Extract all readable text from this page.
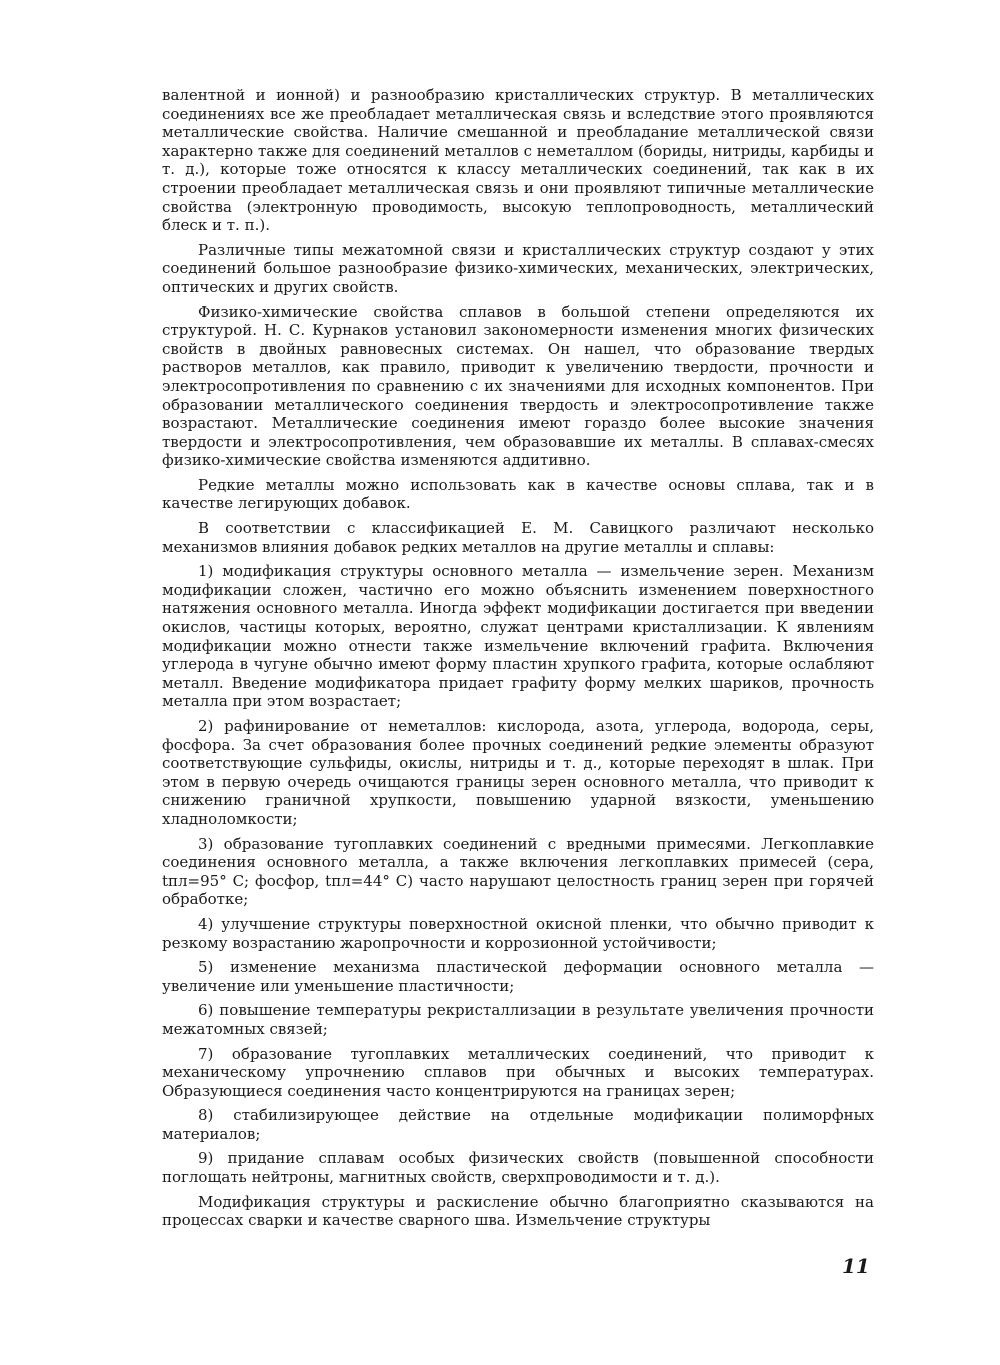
валентной и ионной) и разнообразию кристаллических структур. В металлических соединениях все же преобладает металлическая связь и вследствие этого проявляются металлические свойства. Наличие смешанной и преобладание металлической связи характерно также для соединений металлов с неметаллом (бориды, нитриды, карбиды и т. д.), которые тоже относятся к классу металлических соединений, так как в их строении преобладает металлическая связь и они проявляют типичные металлические свойства (электронную проводимость, высокую теплопроводность, металлический блеск и т. п.).

Различные типы межатомной связи и кристаллических структур создают у этих соединений большое разнообразие физико-химических, механических, электрических, оптических и других свойств.

Физико-химические свойства сплавов в большой степени определяются их структурой. Н. С. Курнаков установил закономерности изменения многих физических свойств в двойных равновесных системах. Он нашел, что образование твердых растворов металлов, как правило, приводит к увеличению твердости, прочности и электросопротивления по сравнению с их значениями для исходных компонентов. При образовании металлического соединения твердость и электросопротивление также возрастают. Металлические соединения имеют гораздо более высокие значения твердости и электросопротивления, чем образовавшие их металлы. В сплавах-смесях физико-химические свойства изменяются аддитивно.

Редкие металлы можно использовать как в качестве основы сплава, так и в качестве легирующих добавок.

В соответствии с классификацией Е. М. Савицкого различают несколько механизмов влияния добавок редких металлов на другие металлы и сплавы:

1) модификация структуры основного металла — измельчение зерен. Механизм модификации сложен, частично его можно объяснить изменением поверхностного натяжения основного металла. Иногда эффект модификации достигается при введении окислов, частицы которых, вероятно, служат центрами кристаллизации. К явлениям модификации можно отнести также измельчение включений графита. Включения углерода в чугуне обычно имеют форму пластин хрупкого графита, которые ослабляют металл. Введение модификатора придает графиту форму мелких шариков, прочность металла при этом возрастает;

2) рафинирование от неметаллов: кислорода, азота, углерода, водорода, серы, фосфора. За счет образования более прочных соединений редкие элементы образуют соответствующие сульфиды, окислы, нитриды и т. д., которые переходят в шлак. При этом в первую очередь очищаются границы зерен основного металла, что приводит к снижению граничной хрупкости, повышению ударной вязкости, уменьшению хладноломкости;

3) образование тугоплавких соединений с вредными примесями. Легкоплавкие соединения основного металла, а также включения легкоплавких примесей (сера, tпл=95° С; фосфор, tпл=44° С) часто нарушают целостность границ зерен при горячей обработке;

4) улучшение структуры поверхностной окисной пленки, что обычно приводит к резкому возрастанию жаропрочности и коррозионной устойчивости;

5) изменение механизма пластической деформации основного металла — увеличение или уменьшение пластичности;

6) повышение температуры рекристаллизации в результате увеличения прочности межатомных связей;

7) образование тугоплавких металлических соединений, что приводит к механическому упрочнению сплавов при обычных и высоких температурах. Образующиеся соединения часто концентрируются на границах зерен;

8) стабилизирующее действие на отдельные модификации полиморфных материалов;

9) придание сплавам особых физических свойств (повышенной способности поглощать нейтроны, магнитных свойств, сверхпроводимости и т. д.).

Модификация структуры и раскисление обычно благоприятно сказываются на процессах сварки и качестве сварного шва. Измельчение структуры

11
